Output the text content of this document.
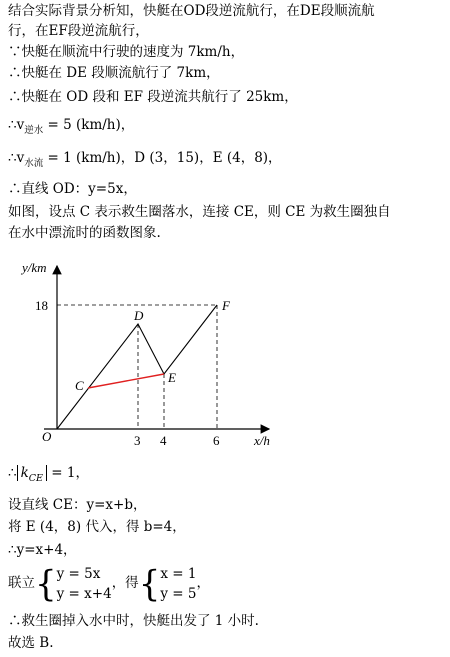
结合实际背景分析知，快艇在OD段逆流航行，在DE段顺流航
行，在EF段逆流航行，
∵快艇在顺流中行驶的速度为 7km/h，
∴快艇在 DE 段顺流航行了 7km，
∴快艇在 OD 段和 EF 段逆流共航行了 25km，
$\therefore v_{逆水} = 5$ (km/h)，
$\therefore v_{水流} = 1$ (km/h)，D (3，15)，E (4，8)，
∴直线 OD：y=5x，
如图，设点 C 表示救生圈落水，连接 CE，则 CE 为救生圈独自
在水中漂流时的函数图象.
y/km
x/h
O
18
3 4	6
C
D
E
F
∴ $k_{CE} = 1$，
设直线 CE：y=x+b，
将 E (4，8) 代入，得 b=4，
∴y=x+4，
联立{y = 5x
y = x+4，得{x = 1
y = 5，
∴救生圈掉入水中时，快艇出发了 1 小时.
故选 B.
